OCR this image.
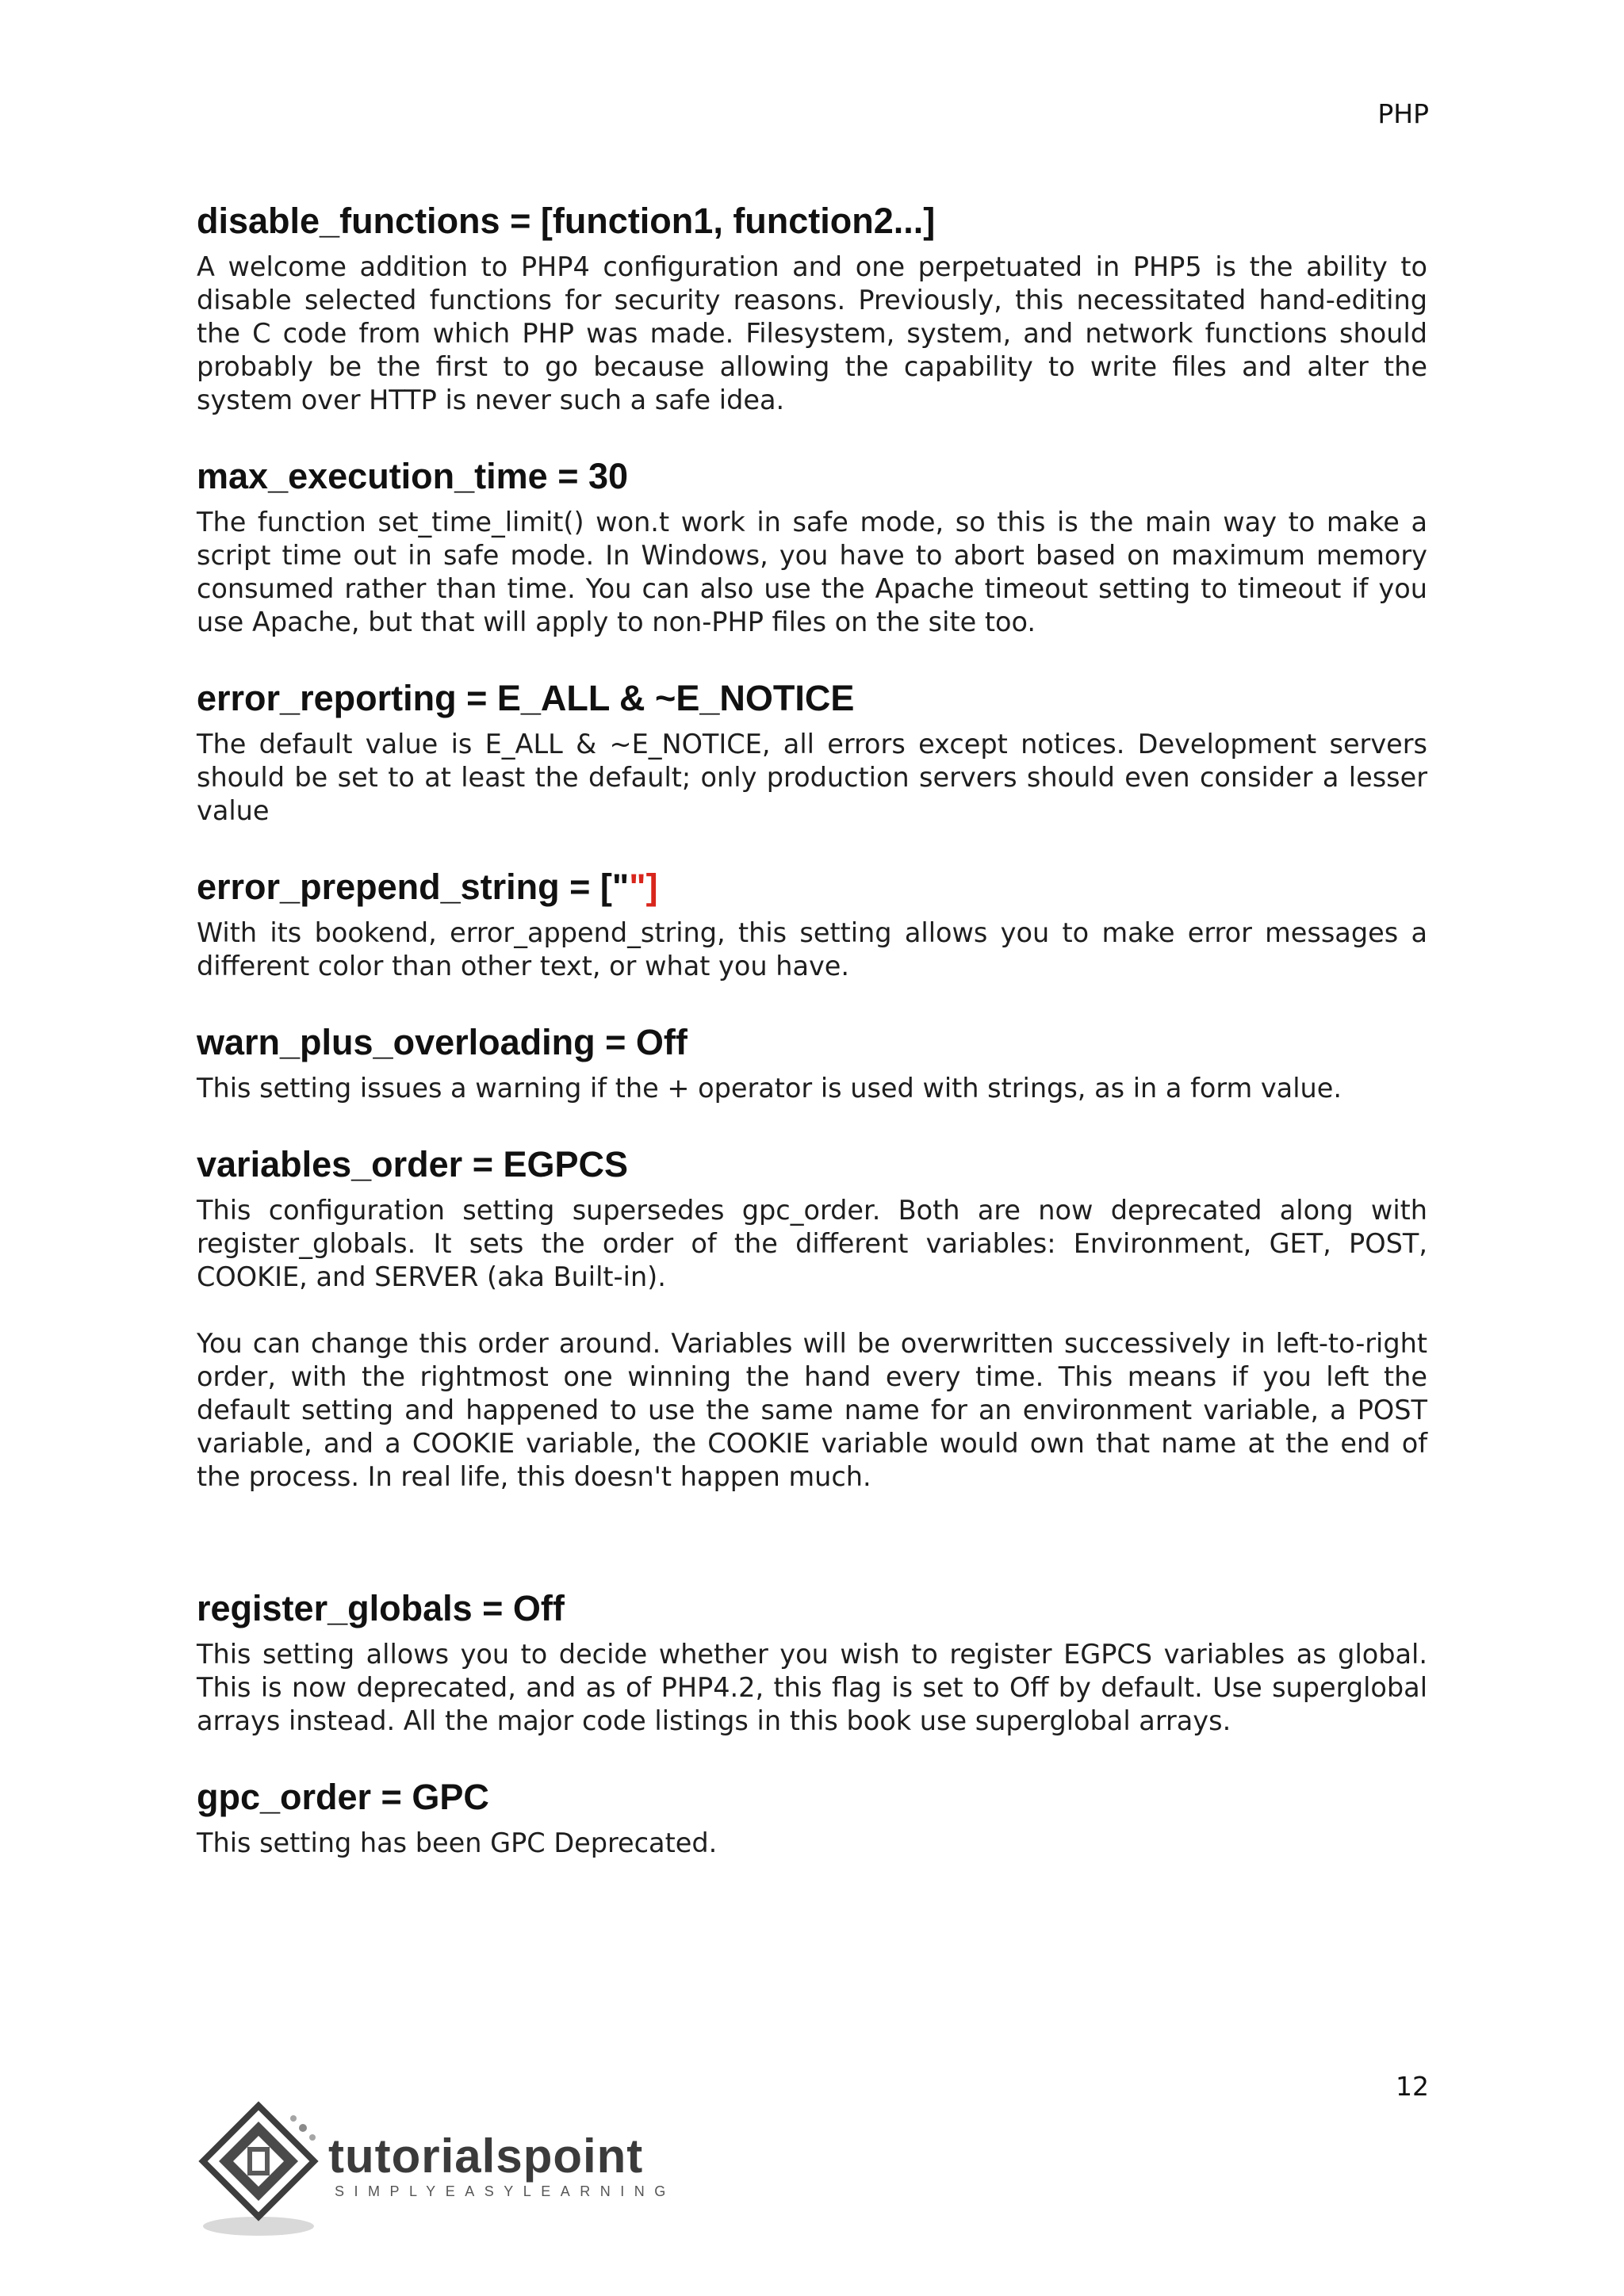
PHP
disable_functions = [function1, function2...]

A welcome addition to PHP4 configuration and one perpetuated in PHP5 is the ability to disable selected functions for security reasons. Previously, this necessitated hand-editing the C code from which PHP was made. Filesystem, system, and network functions should probably be the first to go because allowing the capability to write files and alter the system over HTTP is never such a safe idea.

max_execution_time = 30

The function set_time_limit() won.t work in safe mode, so this is the main way to make a script time out in safe mode. In Windows, you have to abort based on maximum memory consumed rather than time. You can also use the Apache timeout setting to timeout if you use Apache, but that will apply to non-PHP files on the site too.

error_reporting = E_ALL & ~E_NOTICE

The default value is E_ALL & ~E_NOTICE, all errors except notices. Development servers should be set to at least the default; only production servers should even consider a lesser value

error_prepend_string = [""]

With its bookend, error_append_string, this setting allows you to make error messages a different color than other text, or what you have.

warn_plus_overloading = Off

This setting issues a warning if the + operator is used with strings, as in a form value.

variables_order = EGPCS

This configuration setting supersedes gpc_order. Both are now deprecated along with register_globals. It sets the order of the different variables: Environment, GET, POST, COOKIE, and SERVER (aka Built-in).

You can change this order around. Variables will be overwritten successively in left-to-right order, with the rightmost one winning the hand every time. This means if you left the default setting and happened to use the same name for an environment variable, a POST variable, and a COOKIE variable, the COOKIE variable would own that name at the end of the process. In real life, this doesn't happen much.

register_globals = Off

This setting allows you to decide whether you wish to register EGPCS variables as global. This is now deprecated, and as of PHP4.2, this flag is set to Off by default. Use superglobal arrays instead. All the major code listings in this book use superglobal arrays.

gpc_order = GPC

This setting has been GPC Deprecated.

12
tutorialspoint
SIMPLYEASYLEARNING
